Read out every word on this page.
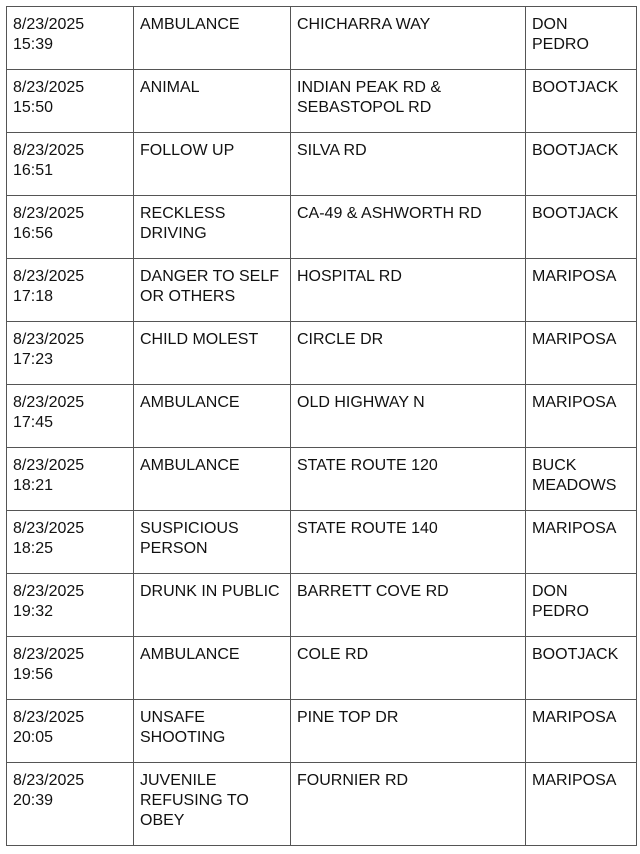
8/23/2025
15:39	AMBULANCE	CHICHARRA WAY	DON
PEDRO

8/23/2025
15:50	ANIMAL	INDIAN PEAK RD &
SEBASTOPOL RD	BOOTJACK

8/23/2025
16:51	FOLLOW UP	SILVA RD	BOOTJACK

8/23/2025
16:56	RECKLESS
DRIVING	CA-49 & ASHWORTH RD	BOOTJACK

8/23/2025
17:18	DANGER TO SELF
OR OTHERS	HOSPITAL RD	MARIPOSA

8/23/2025
17:23	CHILD MOLEST	CIRCLE DR	MARIPOSA

8/23/2025
17:45	AMBULANCE	OLD HIGHWAY N	MARIPOSA

8/23/2025
18:21	AMBULANCE	STATE ROUTE 120	BUCK
MEADOWS

8/23/2025
18:25	SUSPICIOUS
PERSON	STATE ROUTE 140	MARIPOSA

8/23/2025
19:32	DRUNK IN PUBLIC	BARRETT COVE RD	DON
PEDRO

8/23/2025
19:56	AMBULANCE	COLE RD	BOOTJACK

8/23/2025
20:05	UNSAFE
SHOOTING	PINE TOP DR	MARIPOSA

8/23/2025
20:39	JUVENILE
REFUSING TO
OBEY	FOURNIER RD	MARIPOSA
